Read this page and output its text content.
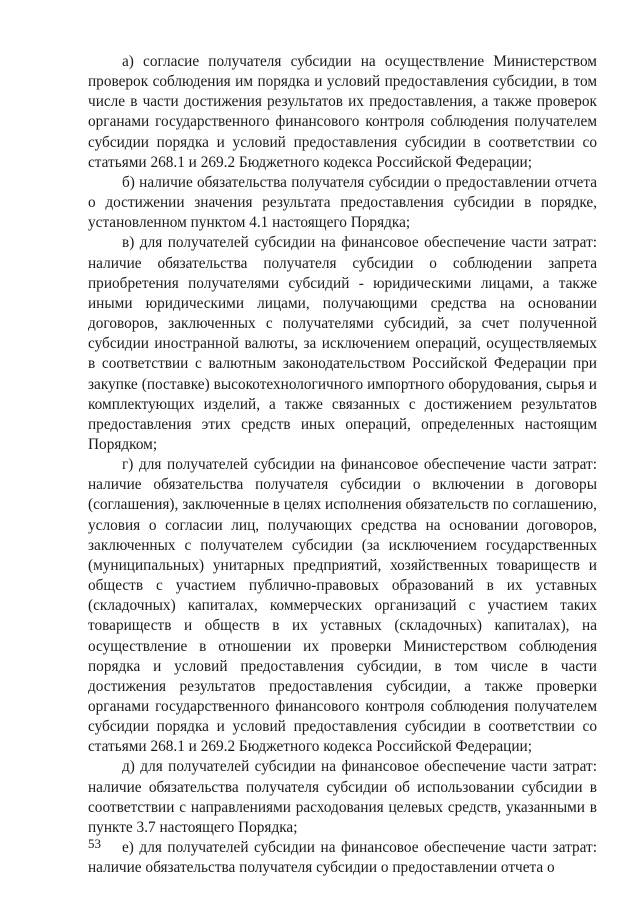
а) согласие получателя субсидии на осуществление Министерством проверок соблюдения им порядка и условий предоставления субсидии, в том числе в части достижения результатов их предоставления, а также проверок органами государственного финансового контроля соблюдения получателем субсидии порядка и условий предоставления субсидии в соответствии со статьями 268.1 и 269.2 Бюджетного кодекса Российской Федерации;

б) наличие обязательства получателя субсидии о предоставлении отчета о достижении значения результата предоставления субсидии в порядке, установленном пунктом 4.1 настоящего Порядка;

в) для получателей субсидии на финансовое обеспечение части затрат: наличие обязательства получателя субсидии о соблюдении запрета приобретения получателями субсидий - юридическими лицами, а также иными юридическими лицами, получающими средства на основании договоров, заключенных с получателями субсидий, за счет полученной субсидии иностранной валюты, за исключением операций, осуществляемых в соответствии с валютным законодательством Российской Федерации при закупке (поставке) высокотехнологичного импортного оборудования, сырья и комплектующих изделий, а также связанных с достижением результатов предоставления этих средств иных операций, определенных настоящим Порядком;

г) для получателей субсидии на финансовое обеспечение части затрат: наличие обязательства получателя субсидии о включении в договоры (соглашения), заключенные в целях исполнения обязательств по соглашению, условия о согласии лиц, получающих средства на основании договоров, заключенных с получателем субсидии (за исключением государственных (муниципальных) унитарных предприятий, хозяйственных товариществ и обществ с участием публично-правовых образований в их уставных (складочных) капиталах, коммерческих организаций с участием таких товариществ и обществ в их уставных (складочных) капиталах), на осуществление в отношении их проверки Министерством соблюдения порядка и условий предоставления субсидии, в том числе в части достижения результатов предоставления субсидии, а также проверки органами государственного финансового контроля соблюдения получателем субсидии порядка и условий предоставления субсидии в соответствии со статьями 268.1 и 269.2 Бюджетного кодекса Российской Федерации;

д) для получателей субсидии на финансовое обеспечение части затрат: наличие обязательства получателя субсидии об использовании субсидии в соответствии с направлениями расходования целевых средств, указанными в пункте 3.7 настоящего Порядка;

е) для получателей субсидии на финансовое обеспечение части затрат: наличие обязательства получателя субсидии о предоставлении отчета о

53
